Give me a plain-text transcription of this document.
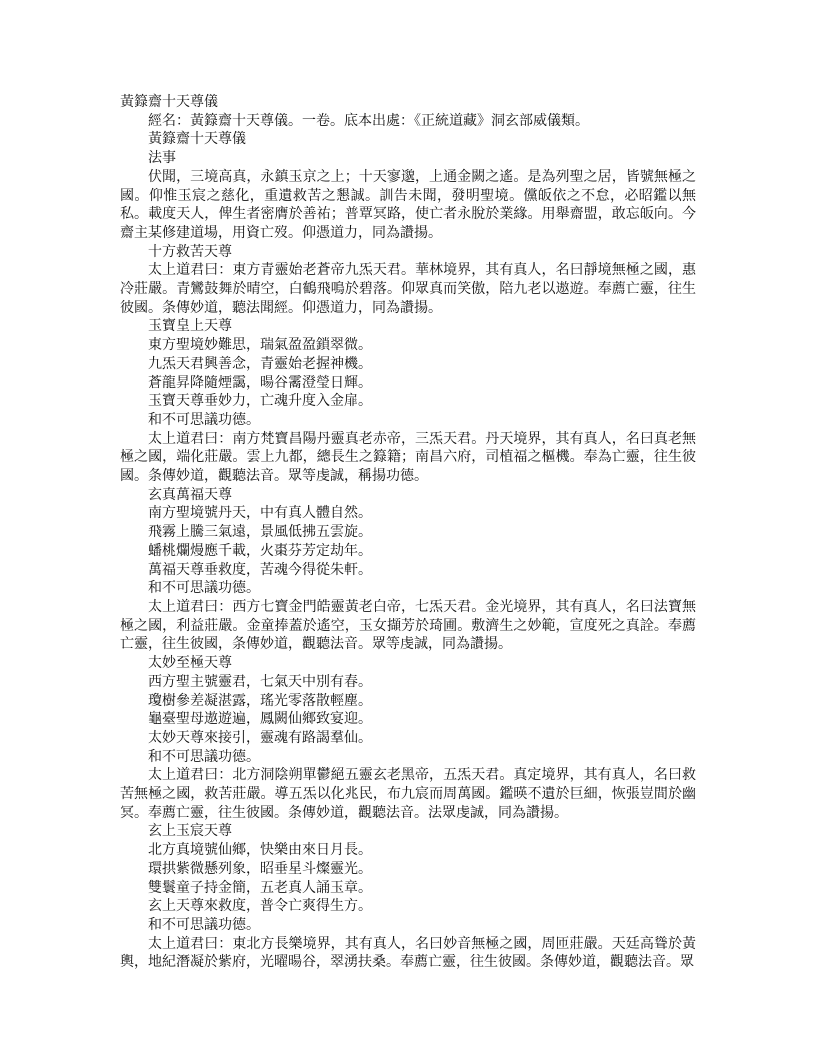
黃籙齋十天尊儀

經名：黃籙齋十天尊儀。一卷。底本出處：《正統道藏》洞玄部威儀類。

黃籙齋十天尊儀

法事

伏聞，三境高真，永鎮玉京之上；十天寥邈，上通金闕之遙。是為列聖之居，皆號無極之國。仰惟玉宸之慈化，重遺救苦之懇誠。訓告未聞，發明聖境。儻皈依之不怠，必昭鑑以無私。載度天人，俾生者密膺於善祐；普覃冥路，使亡者永脫於業緣。用舉齋盟，敢忘皈向。今齋主某修建道場，用資亡歿。仰憑道力，同為讚揚。

十方救苦天尊

太上道君曰：東方青靈始老蒼帝九炁天君。華林境界，其有真人，名曰靜境無極之國，惠冷莊嚴。青鸞鼓舞於晴空，白鶴飛鳴於碧落。仰眾真而笑傲，陪九老以遨遊。奉薦亡靈，往生彼國。条傳妙道，聽法聞經。仰憑道力，同為讚揚。

玉寶皇上天尊

東方聖境妙難思，瑞氣盈盈鎖翠微。

九炁天君興善念，青靈始老握神機。

蒼龍昇降隨煙靄，暘谷霱澄瑩日輝。

玉寶天尊垂妙力，亡魂升度入金扉。

和不可思議功德。

太上道君曰：南方梵寶昌陽丹靈真老赤帝，三炁天君。丹天境界，其有真人，名曰真老無極之國，端化莊嚴。雲上九都，總長生之籙籍；南昌六府，司植福之樞機。奉為亡靈，往生彼國。条傳妙道，觀聽法音。眾等虔誠，稱揚功德。

玄真萬福天尊

南方聖境號丹天，中有真人體自然。

飛霧上騰三氣遠，景風低拂五雲旋。

蟠桃爛熳應千載，火棗芬芳定劫年。

萬福天尊垂救度，苦魂今得從朱軒。

和不可思議功德。

太上道君曰：西方七寶金門皓靈黃老白帝，七炁天君。金光境界，其有真人，名曰法寶無極之國，利益莊嚴。金童捧蓋於遙空，玉女擷芳於琦圃。敷濟生之妙範，宣度死之真詮。奉薦亡靈，往生彼國，条傳妙道，觀聽法音。眾等虔誠，同為讚揚。

太妙至極天尊

西方聖主號靈君，七氣天中別有春。

瓊樹參差凝湛露，瑤光零落散輕塵。

龜臺聖母遨遊遍，鳳闕仙鄉致宴迎。

太妙天尊來接引，靈魂有路謁羣仙。

和不可思議功德。

太上道君曰：北方洞陰朔單鬱絕五靈玄老黑帝，五炁天君。真定境界，其有真人，名曰救苦無極之國，救苦莊嚴。導五炁以化兆民，布九宸而周萬國。鑑暎不遺於巨細，恢張豈間於幽冥。奉薦亡靈，往生彼國。条傳妙道，觀聽法音。法眾虔誠，同為讚揚。

玄上玉宸天尊

北方真境號仙鄉，快樂由來日月長。

環拱紫微懸列象，昭垂星斗燦靈光。

雙鬟童子持金簡，五老真人誦玉章。

玄上天尊來救度，普令亡爽得生方。

和不可思議功德。

太上道君曰：東北方長樂境界，其有真人，名曰妙音無極之國，周匝莊嚴。天廷高聳於黃輿，地紀潛凝於紫府，光曜暘谷，翠湧扶桑。奉薦亡靈，往生彼國。条傳妙道，觀聽法音。眾
